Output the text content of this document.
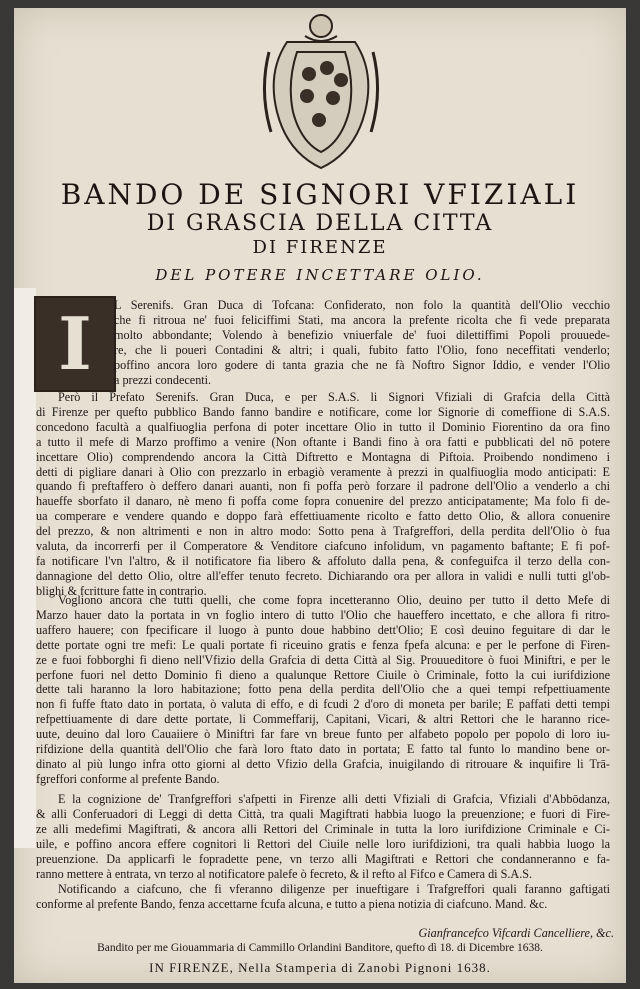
BANDO DE SIGNORI VFIZIALI
DI GRASCIA DELLA CITTA
DI FIRENZE
DEL POTERE INCETTARE OLIO.
I	L Serenifs. Gran Duca di Tofcana: Confiderato, non folo la quantità dell'Olio vecchio
che fi ritroua ne' fuoi feliciffimi Stati, ma ancora la prefente ricolta che fi vede preparata
molto abbondante; Volendo à benefizio vniuerfale de' fuoi dilettiffimi Popoli prouuede-
re, che li poueri Contadini & altri; i quali, fubito fatto l'Olio, fono neceffitati venderlo;
poffino ancora loro godere di tanta grazia che ne fà Noftro Signor Iddio, e vender l'Olio
a prezzi condecenti.
Però il Prefato Serenifs. Gran Duca, e per S.A.S. li Signori Vfiziali di Grafcia della Città
di Firenze per quefto pubblico Bando fanno bandire e notificare, come lor Signorie di comeffione di S.A.S.
concedono facultà a qualfiuoglia perfona di poter incettare Olio in tutto il Dominio Fiorentino da ora fino
a tutto il mefe di Marzo proffimo a venire (Non oftante i Bandi fino à ora fatti e pubblicati del nō potere
incettare Olio) comprendendo ancora la Città Diftretto e Montagna di Piftoia. Proibendo nondimeno i
detti di pigliare danari à Olio con prezzarlo in erbagiò veramente à prezzi in qualfiuoglia modo anticipati: E
quando fi preftaffero ò deffero danari auanti, non fi poffa però forzare il padrone dell'Olio a venderlo a chi
haueffe sborfato il danaro, nè meno fi poffa come fopra conuenire del prezzo anticipatamente; Ma folo fi de-
ua comperare e vendere quando e doppo farà effettiuamente ricolto e fatto detto Olio, & allora conuenire
del prezzo, & non altrimenti e non in altro modo: Sotto pena à Trafgreffori, della perdita dell'Olio ò fua
valuta, da incorrerfi per il Comperatore & Venditore ciafcuno infolidum, vn pagamento baftante; E fi pof-
fa notificare l'vn l'altro, & il notificatore fia libero & affoluto dalla pena, & confeguifca il terzo della con-
dannagione del detto Olio, oltre all'effer tenuto fecreto. Dichiarando ora per allora in validi e nulli tutti gl'ob-
blighi & fcritture fatte in contrario.
Vogliono ancora che tutti quelli, che come fopra incetteranno Olio, deuino per tutto il detto Mefe di
Marzo hauer dato la portata in vn foglio intero di tutto l'Olio che haueffero incettato, e che allora fi ritro-
uaffero hauere; con fpecificare il luogo à punto doue habbino dett'Olio; E così deuino feguitare di dar le
dette portate ogni tre mefi: Le quali portate fi riceuino gratis e fenza fpefa alcuna: e per le perfone di Firen-
ze e fuoi fobborghi fi dieno nell'Vfizio della Grafcia di detta Città al Sig. Prouueditore ò fuoi Miniftri, e per le
perfone fuori nel detto Dominio fi dieno a qualunque Rettore Ciuile ò Criminale, fotto la cui iurifdizione
dette tali haranno la loro habitazione; fotto pena della perdita dell'Olio che a quei tempi refpettiuamente
non fi fuffe ftato dato in portata, ò valuta di effo, e di fcudi 2 d'oro di moneta per barile; E paffati detti tempi
refpettiuamente di dare dette portate, li Commeffarij, Capitani, Vicari, & altri Rettori che le haranno rice-
uute, deuino dal loro Cauaiiere ò Miniftri far fare vn breue funto per alfabeto popolo per popolo di loro iu-
rifdizione della quantità dell'Olio che farà loro ftato dato in portata; E fatto tal funto lo mandino bene or-
dinato al più lungo infra otto giorni al detto Vfizio della Grafcia, inuigilando di ritrouare & inquifire li Trā-
fgreffori conforme al prefente Bando.
E la cognizione de' Tranfgreffori s'afpetti in Firenze alli detti Vfiziali di Grafcia, Vfiziali d'Abbōdanza,
& alli Conferuadori di Leggi di detta Città, tra quali Magiftrati habbia luogo la preuenzione; e fuori di Fire-
ze alli medefimi Magiftrati, & ancora alli Rettori del Criminale in tutta la loro iurifdizione Criminale e Ci-
uile, e poffino ancora effere cognitori li Rettori del Ciuile nelle loro iurifdizioni, tra quali habbia luogo la
preuenzione. Da applicarfi le fopradette pene, vn terzo alli Magiftrati e Rettori che condanneranno e fa-
ranno mettere à entrata, vn terzo al notificatore palefe ò fecreto, & il refto al Fifco e Camera di S.A.S.
Notificando a ciafcuno, che fi vferanno diligenze per inueftigare i Trafgreffori quali faranno gaftigati
conforme al prefente Bando, fenza accettarne fcufa alcuna, e tutto a piena notizia di ciafcuno. Mand. &c.
Gianfrancefco Vifcardi Cancelliere, &c.
Bandito per me Giouammaria di Cammillo Orlandini Banditore, quefto dì 18. di Dicembre 1638.
IN FIRENZE, Nella Stamperia di Zanobi Pignoni 1638.
